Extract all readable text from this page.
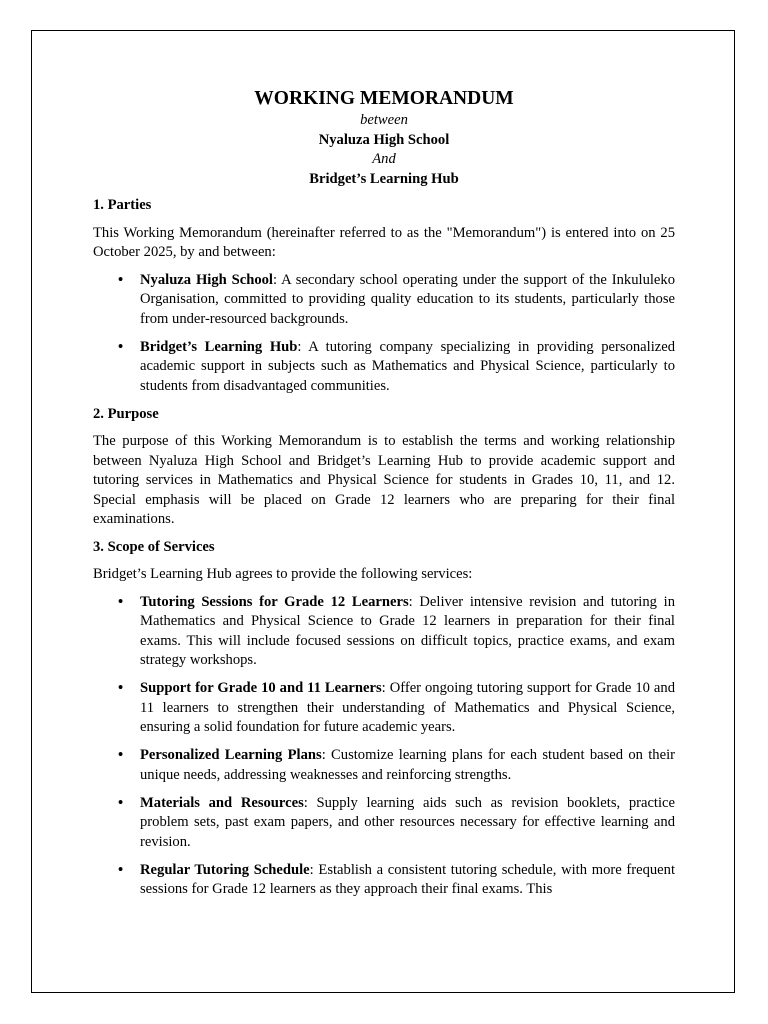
WORKING MEMORANDUM

between

Nyaluza High School

And

Bridget’s Learning Hub

1. Parties

This Working Memorandum (hereinafter referred to as the "Memorandum") is entered into on 25 October 2025, by and between:

• Nyaluza High School: A secondary school operating under the support of the Inkululeko Organisation, committed to providing quality education to its students, particularly those from under-resourced backgrounds.
• Bridget’s Learning Hub: A tutoring company specializing in providing personalized academic support in subjects such as Mathematics and Physical Science, particularly to students from disadvantaged communities.
2. Purpose

The purpose of this Working Memorandum is to establish the terms and working relationship between Nyaluza High School and Bridget’s Learning Hub to provide academic support and tutoring services in Mathematics and Physical Science for students in Grades 10, 11, and 12. Special emphasis will be placed on Grade 12 learners who are preparing for their final examinations.

3. Scope of Services

Bridget’s Learning Hub agrees to provide the following services:

• Tutoring Sessions for Grade 12 Learners: Deliver intensive revision and tutoring in Mathematics and Physical Science to Grade 12 learners in preparation for their final exams. This will include focused sessions on difficult topics, practice exams, and exam strategy workshops.
• Support for Grade 10 and 11 Learners: Offer ongoing tutoring support for Grade 10 and 11 learners to strengthen their understanding of Mathematics and Physical Science, ensuring a solid foundation for future academic years.
• Personalized Learning Plans: Customize learning plans for each student based on their unique needs, addressing weaknesses and reinforcing strengths.
• Materials and Resources: Supply learning aids such as revision booklets, practice problem sets, past exam papers, and other resources necessary for effective learning and revision.
• Regular Tutoring Schedule: Establish a consistent tutoring schedule, with more frequent sessions for Grade 12 learners as they approach their final exams. This
